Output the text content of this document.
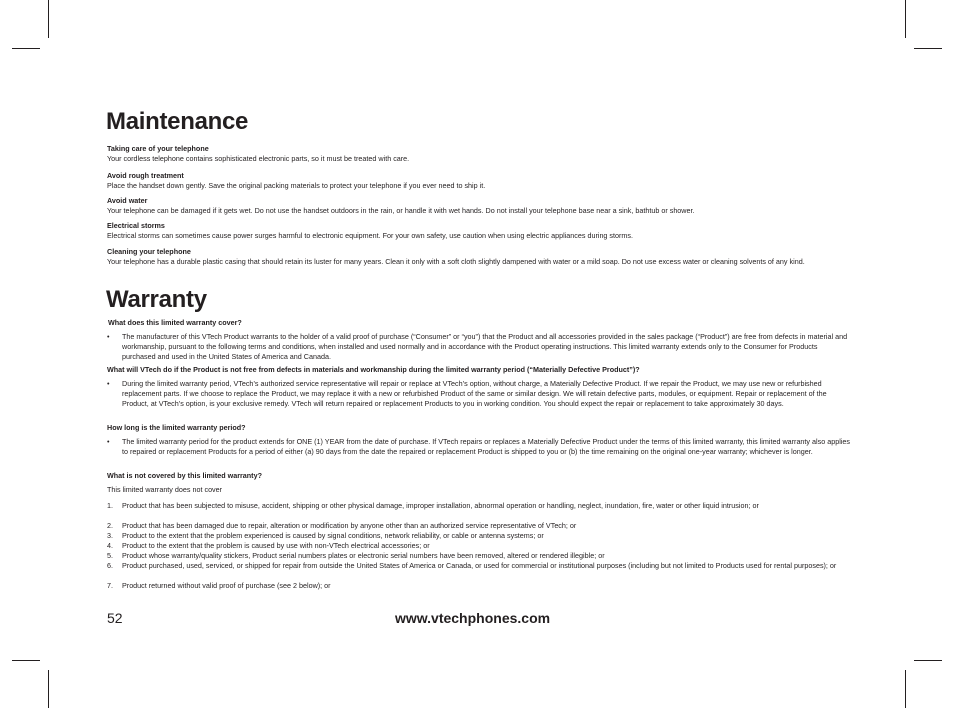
Maintenance
Taking care of your telephone
Your cordless telephone contains sophisticated electronic parts, so it must be treated with care.
Avoid rough treatment
Place the handset down gently. Save the original packing materials to protect your telephone if you ever need to ship it.
Avoid water
Your telephone can be damaged if it gets wet. Do not use the handset outdoors in the rain, or handle it with wet hands. Do not install your telephone base near a sink, bathtub or shower.
Electrical storms
Electrical storms can sometimes cause power surges harmful to electronic equipment. For your own safety, use caution when using electric appliances during storms.
Cleaning your telephone
Your telephone has a durable plastic casing that should retain its luster for many years. Clean it only with a soft cloth slightly dampened with water or a mild soap. Do not use excess water or cleaning solvents of any kind.
Warranty
What does this limited warranty cover?
• The manufacturer of this VTech Product warrants to the holder of a valid proof of purchase (“Consumer” or “you”) that the Product and all accessories provided in the sales package (“Product”) are free from defects in material and workmanship, pursuant to the following terms and conditions, when installed and used normally and in accordance with the Product operating instructions. This limited warranty extends only to the Consumer for Products purchased and used in the United States of America and Canada.
What will VTech do if the Product is not free from defects in materials and workmanship during the limited warranty period (“Materially Defective Product”)?
• During the limited warranty period, VTech’s authorized service representative will repair or replace at VTech’s option, without charge, a Materially Defective Product. If we repair the Product, we may use new or refurbished replacement parts. If we choose to replace the Product, we may replace it with a new or refurbished Product of the same or similar design. We will retain defective parts, modules, or equipment. Repair or replacement of the Product, at VTech’s option, is your exclusive remedy. VTech will return repaired or replacement Products to you in working condition. You should expect the repair or replacement to take approximately 30 days.
How long is the limited warranty period?
• The limited warranty period for the product extends for ONE (1) YEAR from the date of purchase. If VTech repairs or replaces a Materially Defective Product under the terms of this limited warranty, this limited warranty also applies to repaired or replacement Products for a period of either (a) 90 days from the date the repaired or replacement Product is shipped to you or (b) the time remaining on the original one-year warranty; whichever is longer.
What is not covered by this limited warranty?
This limited warranty does not cover
1. Product that has been subjected to misuse, accident, shipping or other physical damage, improper installation, abnormal operation or handling, neglect, inundation, fire, water or other liquid intrusion; or
2. Product that has been damaged due to repair, alteration or modification by anyone other than an authorized service representative of VTech; or
3. Product to the extent that the problem experienced is caused by signal conditions, network reliability, or cable or antenna systems; or
4. Product to the extent that the problem is caused by use with non-VTech electrical accessories; or
5. Product whose warranty/quality stickers, Product serial numbers plates or electronic serial numbers have been removed, altered or rendered illegible; or
6. Product purchased, used, serviced, or shipped for repair from outside the United States of America or Canada, or used for commercial or institutional purposes (including but not limited to Products used for rental purposes); or
7. Product returned without valid proof of purchase (see 2 below); or
52	www.vtechphones.com
